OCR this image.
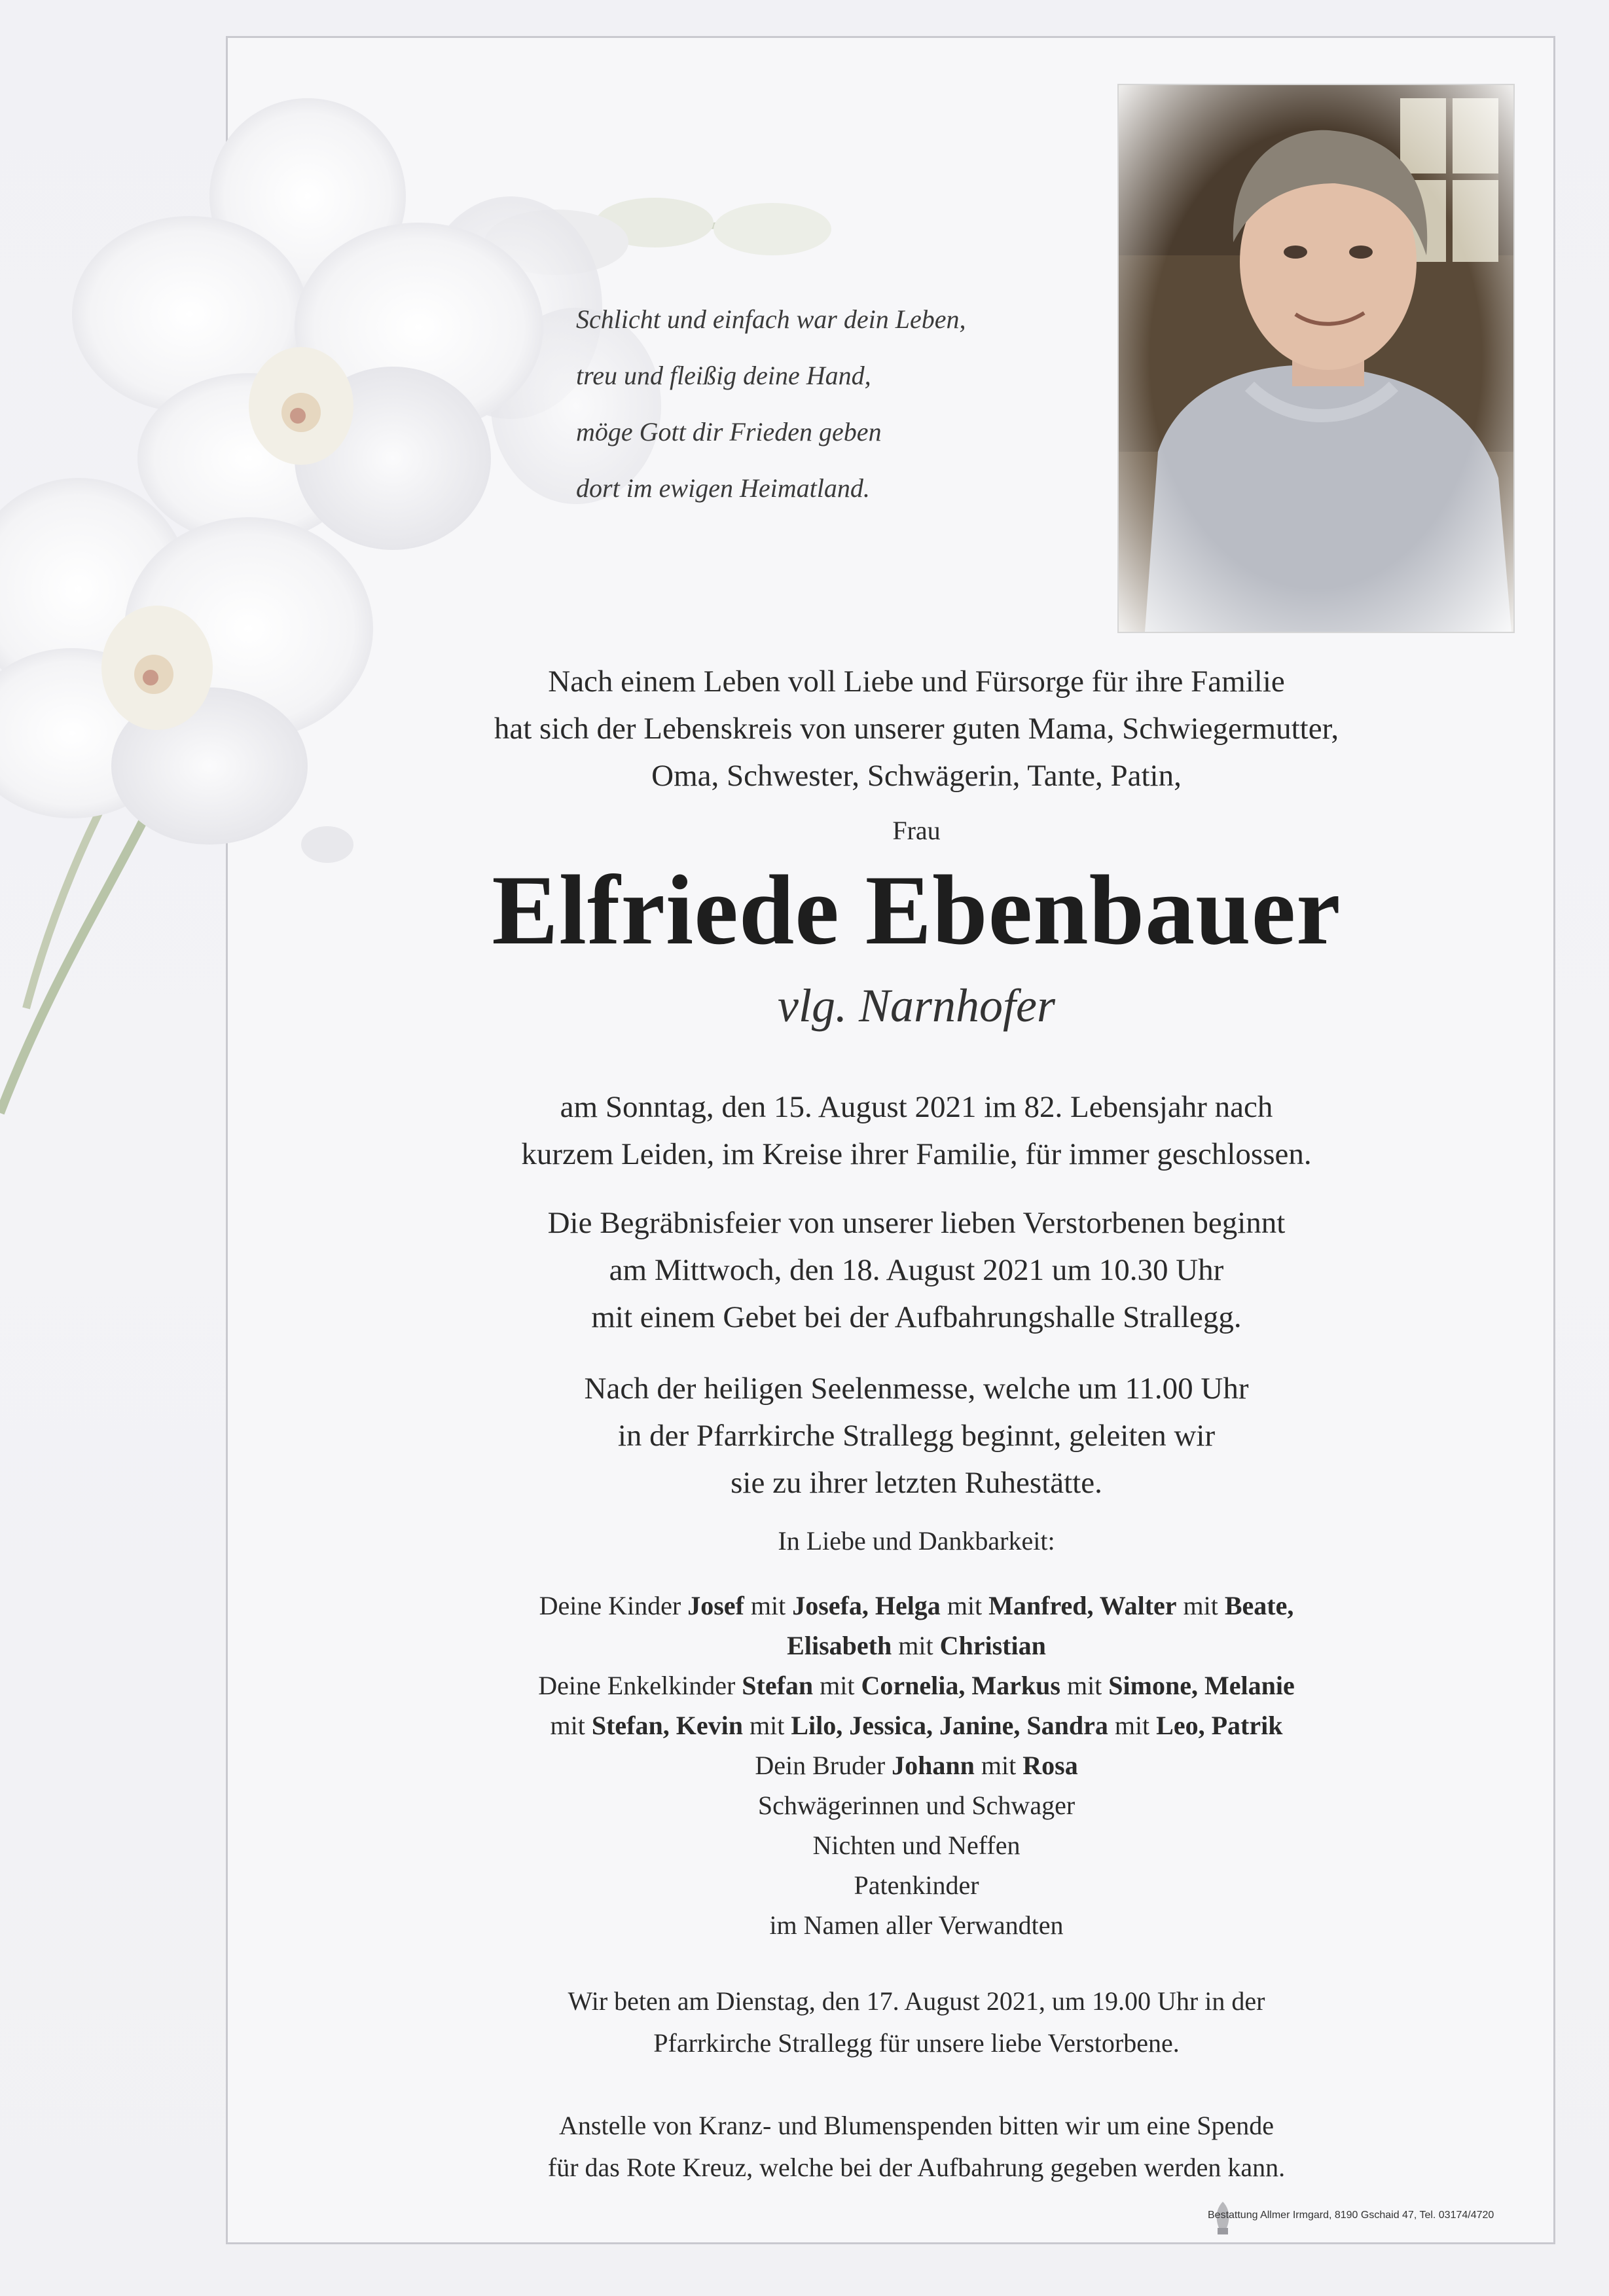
Schlicht und einfach war dein Leben,
treu und fleißig deine Hand,
möge Gott dir Frieden geben
dort im ewigen Heimatland.
Nach einem Leben voll Liebe und Fürsorge für ihre Familie
hat sich der Lebenskreis von unserer guten Mama, Schwiegermutter,
Oma, Schwester, Schwägerin, Tante, Patin,
Frau
Elfriede Ebenbauer
vlg. Narnhofer
am Sonntag, den 15. August 2021 im 82. Lebensjahr nach
kurzem Leiden, im Kreise ihrer Familie, für immer geschlossen.
Die Begräbnisfeier von unserer lieben Verstorbenen beginnt
am Mittwoch, den 18. August 2021 um 10.30 Uhr
mit einem Gebet bei der Aufbahrungshalle Strallegg.
Nach der heiligen Seelenmesse, welche um 11.00 Uhr
in der Pfarrkirche Strallegg beginnt, geleiten wir
sie zu ihrer letzten Ruhestätte.
In Liebe und Dankbarkeit:
Deine Kinder Josef mit Josefa, Helga mit Manfred, Walter mit Beate,
Elisabeth mit Christian
Deine Enkelkinder Stefan mit Cornelia, Markus mit Simone, Melanie
mit Stefan, Kevin mit Lilo, Jessica, Janine, Sandra mit Leo, Patrik
Dein Bruder Johann mit Rosa
Schwägerinnen und Schwager
Nichten und Neffen
Patenkinder
im Namen aller Verwandten
Wir beten am Dienstag, den 17. August 2021, um 19.00 Uhr in der
Pfarrkirche Strallegg für unsere liebe Verstorbene.
Anstelle von Kranz- und Blumenspenden bitten wir um eine Spende
für das Rote Kreuz, welche bei der Aufbahrung gegeben werden kann.
Bestattung Allmer Irmgard, 8190 Gschaid 47, Tel. 03174/4720
